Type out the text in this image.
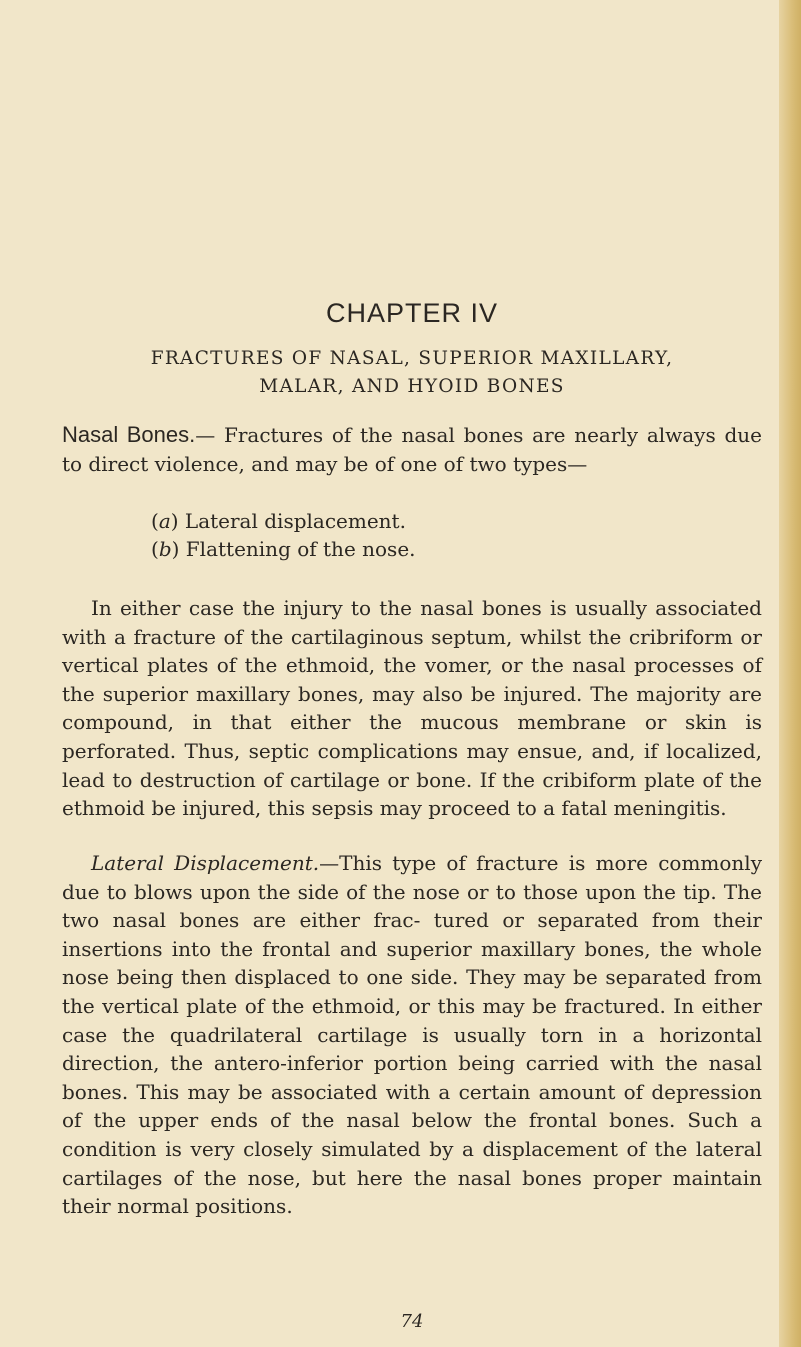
CHAPTER IV
FRACTURES OF NASAL, SUPERIOR MAXILLARY,
MALAR, AND HYOID BONES

Nasal Bones.— Fractures of the nasal bones are nearly always due to direct violence, and may be of one of two types—

(a) Lateral displacement.
(b) Flattening of the nose.

In either case the injury to the nasal bones is usually associated with a fracture of the cartilaginous septum, whilst the cribriform or vertical plates of the ethmoid, the vomer, or the nasal processes of the superior maxillary bones, may also be injured. The majority are compound, in that either the mucous membrane or skin is perforated. Thus, septic complications may ensue, and, if localized, lead to destruction of cartilage or bone. If the cribiform plate of the ethmoid be injured, this sepsis may proceed to a fatal meningitis.

Lateral Displacement.—This type of fracture is more commonly due to blows upon the side of the nose or to those upon the tip. The two nasal bones are either frac- tured or separated from their insertions into the frontal and superior maxillary bones, the whole nose being then displaced to one side. They may be separated from the vertical plate of the ethmoid, or this may be fractured. In either case the quadrilateral cartilage is usually torn in a horizontal direction, the antero-inferior portion being carried with the nasal bones. This may be associated with a certain amount of depression of the upper ends of the nasal below the frontal bones. Such a condition is very closely simulated by a displacement of the lateral cartilages of the nose, but here the nasal bones proper maintain their normal positions.

74
